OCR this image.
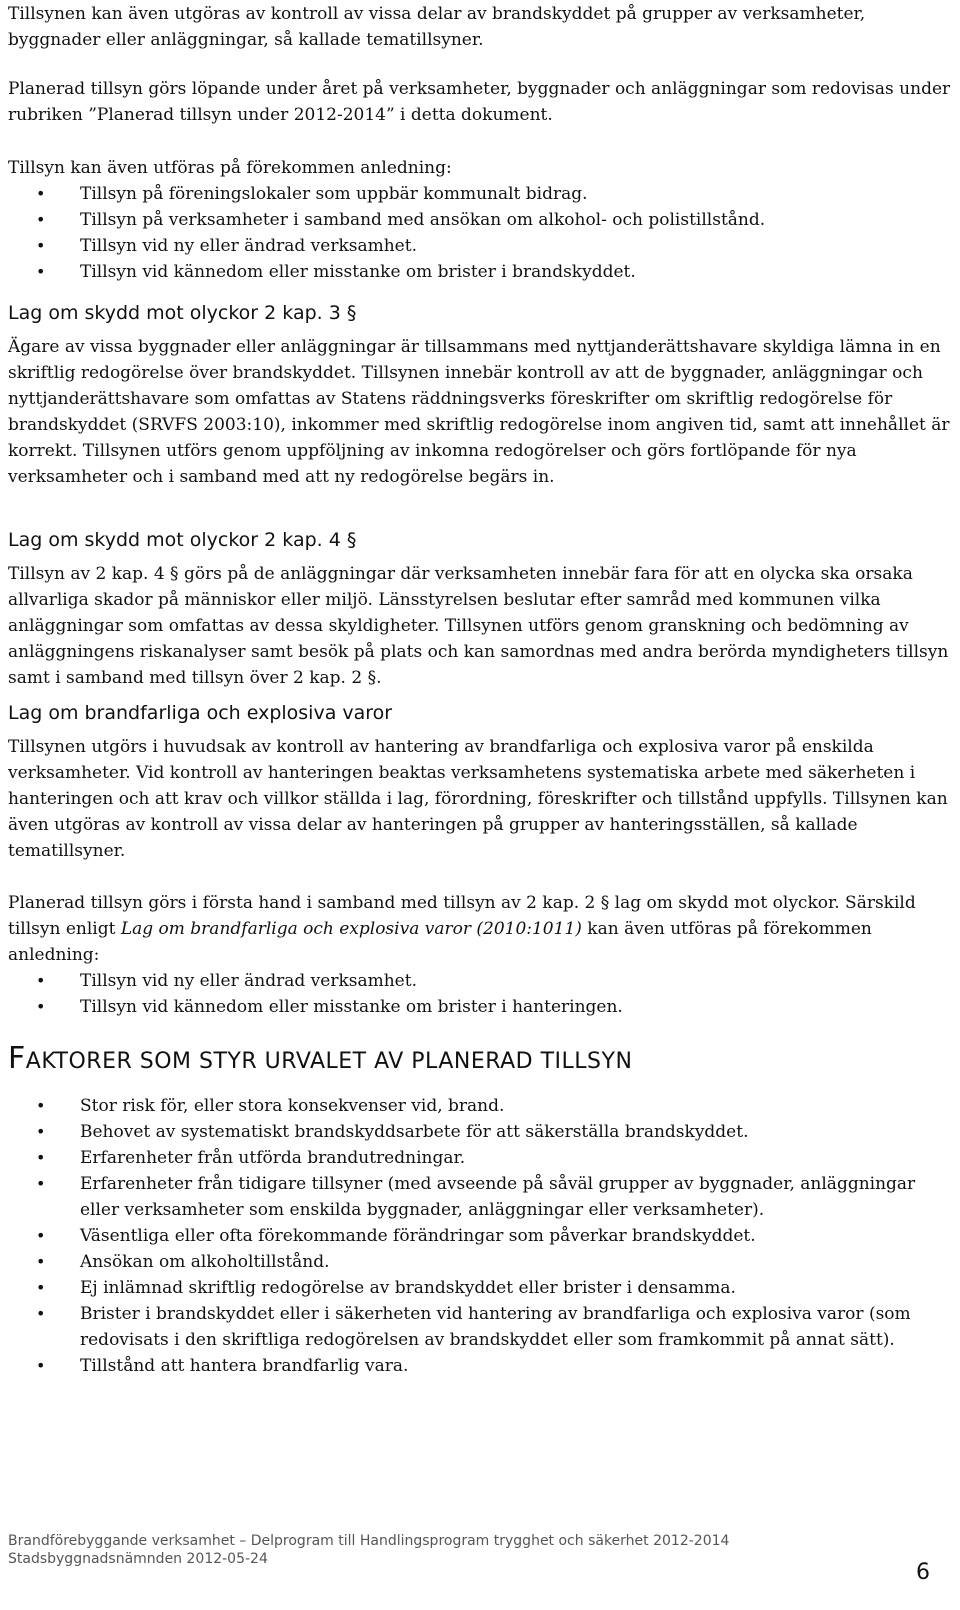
Tillsynen kan även utgöras av kontroll av vissa delar av brandskyddet på grupper av verksamheter, byggnader eller anläggningar, så kallade tematillsyner.

Planerad tillsyn görs löpande under året på verksamheter, byggnader och anläggningar som redovisas under rubriken ”Planerad tillsyn under 2012-2014” i detta dokument.

Tillsyn kan även utföras på förekommen anledning:

• Tillsyn på föreningslokaler som uppbär kommunalt bidrag.
• Tillsyn på verksamheter i samband med ansökan om alkohol- och polistillstånd.
• Tillsyn vid ny eller ändrad verksamhet.
• Tillsyn vid kännedom eller misstanke om brister i brandskyddet.
Lag om skydd mot olyckor 2 kap. 3 §

Ägare av vissa byggnader eller anläggningar är tillsammans med nyttjanderättshavare skyldiga lämna in en skriftlig redogörelse över brandskyddet. Tillsynen innebär kontroll av att de byggnader, anläggningar och nyttjanderättshavare som omfattas av Statens räddningsverks föreskrifter om skriftlig redogörelse för brandskyddet (SRVFS 2003:10), inkommer med skriftlig redogörelse inom angiven tid, samt att innehållet är korrekt. Tillsynen utförs genom uppföljning av inkomna redogörelser och görs fortlöpande för nya verksamheter och i samband med att ny redogörelse begärs in.

Lag om skydd mot olyckor 2 kap. 4 §

Tillsyn av 2 kap. 4 § görs på de anläggningar där verksamheten innebär fara för att en olycka ska orsaka allvarliga skador på människor eller miljö. Länsstyrelsen beslutar efter samråd med kommunen vilka anläggningar som omfattas av dessa skyldigheter. Tillsynen utförs genom granskning och bedömning av anläggningens riskanalyser samt besök på plats och kan samordnas med andra berörda myndigheters tillsyn samt i samband med tillsyn över 2 kap. 2 §.

Lag om brandfarliga och explosiva varor

Tillsynen utgörs i huvudsak av kontroll av hantering av brandfarliga och explosiva varor på enskilda verksamheter. Vid kontroll av hanteringen beaktas verksamhetens systematiska arbete med säkerheten i hanteringen och att krav och villkor ställda i lag, förordning, föreskrifter och tillstånd uppfylls. Tillsynen kan även utgöras av kontroll av vissa delar av hanteringen på grupper av hanteringsställen, så kallade tematillsyner.

Planerad tillsyn görs i första hand i samband med tillsyn av 2 kap. 2 § lag om skydd mot olyckor. Särskild tillsyn enligt Lag om brandfarliga och explosiva varor (2010:1011) kan även utföras på förekommen anledning:

• Tillsyn vid ny eller ändrad verksamhet.
• Tillsyn vid kännedom eller misstanke om brister i hanteringen.
FAKTORER SOM STYR URVALET AV PLANERAD TILLSYN
• Stor risk för, eller stora konsekvenser vid, brand.
• Behovet av systematiskt brandskyddsarbete för att säkerställa brandskyddet.
• Erfarenheter från utförda brandutredningar.
• Erfarenheter från tidigare tillsyner (med avseende på såväl grupper av byggnader, anläggningar eller verksamheter som enskilda byggnader, anläggningar eller verksamheter).
• Väsentliga eller ofta förekommande förändringar som påverkar brandskyddet.
• Ansökan om alkoholtillstånd.
• Ej inlämnad skriftlig redogörelse av brandskyddet eller brister i densamma.
• Brister i brandskyddet eller i säkerheten vid hantering av brandfarliga och explosiva varor (som redovisats i den skriftliga redogörelsen av brandskyddet eller som framkommit på annat sätt).
• Tillstånd att hantera brandfarlig vara.
Brandförebyggande verksamhet – Delprogram till Handlingsprogram trygghet och säkerhet 2012-2014
Stadsbyggnadsnämnden 2012-05-24
6
